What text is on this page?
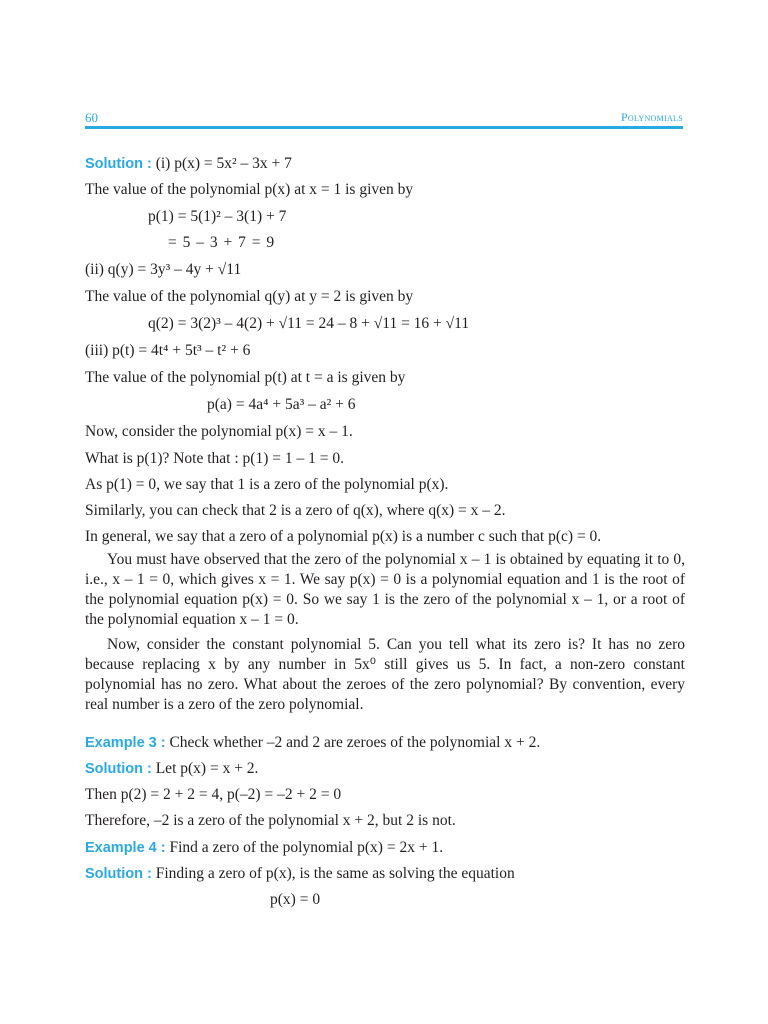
60	Polynomials
Solution : (i) p(x) = 5x² – 3x + 7
The value of the polynomial p(x) at x = 1 is given by
p(1) = 5(1)² – 3(1) + 7
= 5 – 3 + 7 = 9
(ii) q(y) = 3y³ – 4y + √11
The value of the polynomial q(y) at y = 2 is given by
q(2) = 3(2)³ – 4(2) + √11 = 24 – 8 + √11 = 16 + √11
(iii) p(t) = 4t⁴ + 5t³ – t² + 6
The value of the polynomial p(t) at t = a is given by
p(a) = 4a⁴ + 5a³ – a² + 6
Now, consider the polynomial p(x) = x – 1.
What is p(1)? Note that : p(1) = 1 – 1 = 0.
As p(1) = 0, we say that 1 is a zero of the polynomial p(x).
Similarly, you can check that 2 is a zero of q(x), where q(x) = x – 2.
In general, we say that a zero of a polynomial p(x) is a number c such that p(c) = 0.
You must have observed that the zero of the polynomial x – 1 is obtained by equating it to 0, i.e., x – 1 = 0, which gives x = 1. We say p(x) = 0 is a polynomial equation and 1 is the root of the polynomial equation p(x) = 0. So we say 1 is the zero of the polynomial x – 1, or a root of the polynomial equation x – 1 = 0.
Now, consider the constant polynomial 5. Can you tell what its zero is? It has no zero because replacing x by any number in 5x⁰ still gives us 5. In fact, a non-zero constant polynomial has no zero. What about the zeroes of the zero polynomial? By convention, every real number is a zero of the zero polynomial.
Example 3 : Check whether –2 and 2 are zeroes of the polynomial x + 2.
Solution : Let p(x) = x + 2.
Then p(2) = 2 + 2 = 4, p(–2) = –2 + 2 = 0
Therefore, –2 is a zero of the polynomial x + 2, but 2 is not.
Example 4 : Find a zero of the polynomial p(x) = 2x + 1.
Solution : Finding a zero of p(x), is the same as solving the equation
p(x) = 0
